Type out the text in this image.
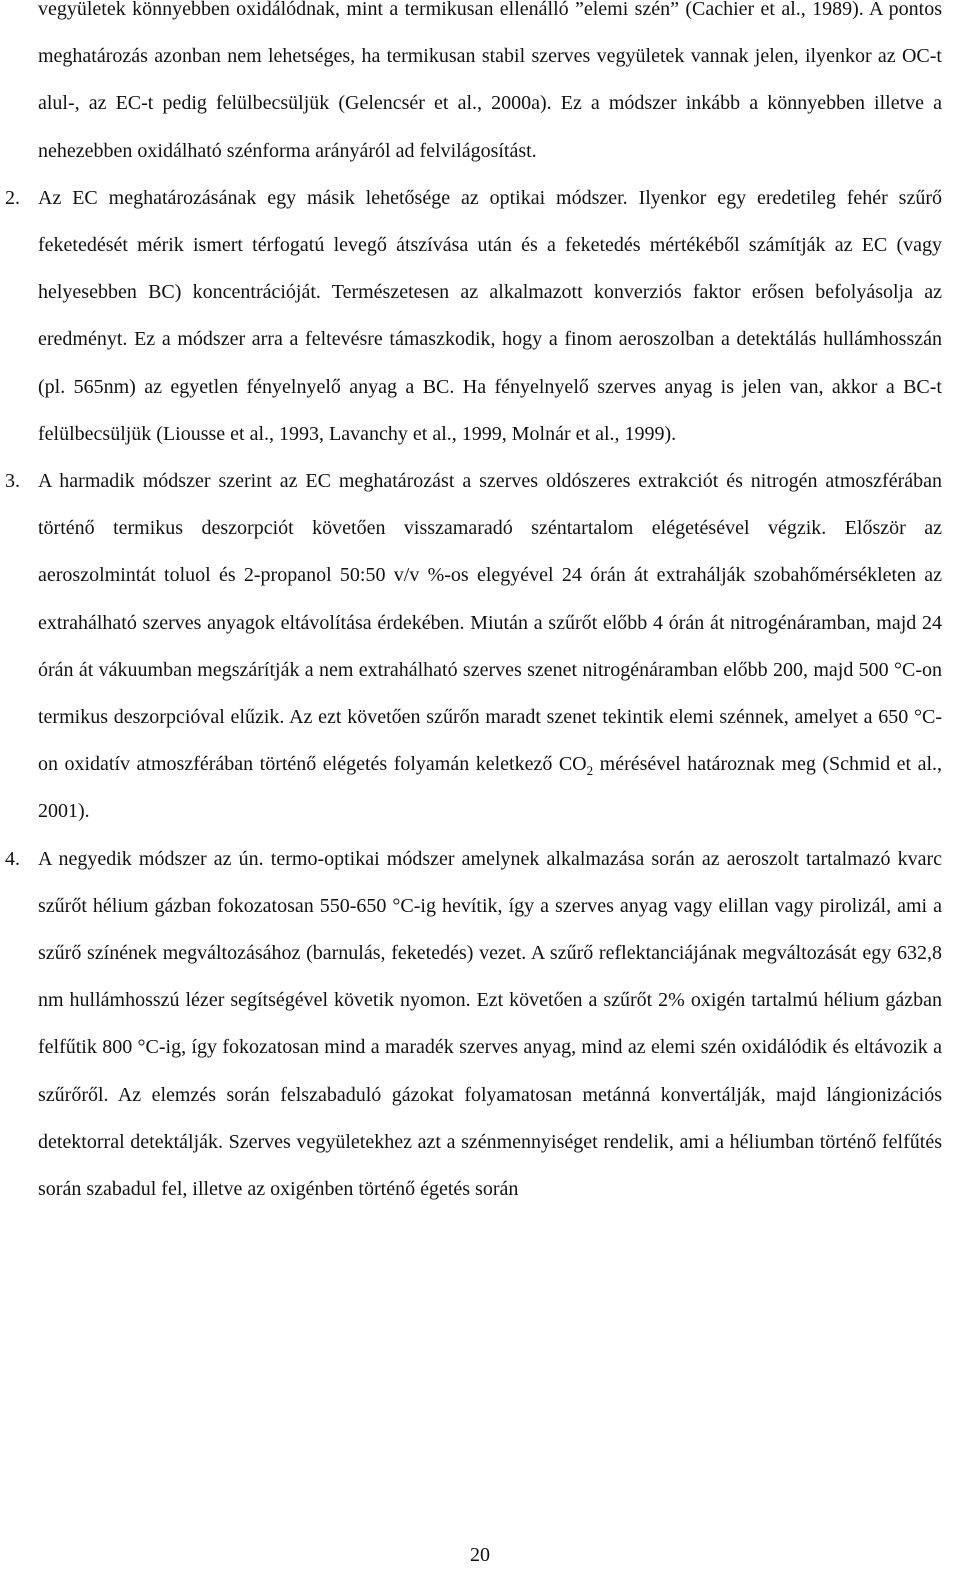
vegyületek könnyebben oxidálódnak, mint a termikusan ellenálló ”elemi szén” (Cachier et al., 1989). A pontos meghatározás azonban nem lehetséges, ha termikusan stabil szerves vegyületek vannak jelen, ilyenkor az OC-t alul-, az EC-t pedig felülbecsüljük (Gelencsér et al., 2000a). Ez a módszer inkább a könnyebben illetve a nehezebben oxidálható szénforma arányáról ad felvilágosítást.

2. Az EC meghatározásának egy másik lehetősége az optikai módszer. Ilyenkor egy eredetileg fehér szűrő feketedését mérik ismert térfogatú levegő átszívása után és a feketedés mértékéből számítják az EC (vagy helyesebben BC) koncentrációját. Természetesen az alkalmazott konverziós faktor erősen befolyásolja az eredményt. Ez a módszer arra a feltevésre támaszkodik, hogy a finom aeroszolban a detektálás hullámhosszán (pl. 565nm) az egyetlen fényelnyelő anyag a BC. Ha fényelnyelő szerves anyag is jelen van, akkor a BC-t felülbecsüljük (Liousse et al., 1993, Lavanchy et al., 1999, Molnár et al., 1999).

3. A harmadik módszer szerint az EC meghatározást a szerves oldószeres extrakciót és nitrogén atmoszférában történő termikus deszorpciót követően visszamaradó széntartalom elégetésével végzik. Először az aeroszolmintát toluol és 2-propanol 50:50 v/v %-os elegyével 24 órán át extrahálják szobahőmérsékleten az extrahálható szerves anyagok eltávolítása érdekében. Miután a szűrőt előbb 4 órán át nitrogénáramban, majd 24 órán át vákuumban megszárítják a nem extrahálható szerves szenet nitrogénáramban előbb 200, majd 500 °C-on termikus deszorpcióval elűzik. Az ezt követően szűrőn maradt szenet tekintik elemi szénnek, amelyet a 650 °C-on oxidatív atmoszférában történő elégetés folyamán keletkező $CO_2$ mérésével határoznak meg (Schmid et al., 2001).

4. A negyedik módszer az ún. termo-optikai módszer amelynek alkalmazása során az aeroszolt tartalmazó kvarc szűrőt hélium gázban fokozatosan 550-650 °C-ig hevítik, így a szerves anyag vagy elillan vagy pirolizál, ami a szűrő színének megváltozásához (barnulás, feketedés) vezet. A szűrő reflektanciájának megváltozását egy 632,8 nm hullámhosszú lézer segítségével követik nyomon. Ezt követően a szűrőt 2% oxigén tartalmú hélium gázban felfűtik 800 °C-ig, így fokozatosan mind a maradék szerves anyag, mind az elemi szén oxidálódik és eltávozik a szűrőről. Az elemzés során felszabaduló gázokat folyamatosan metánná konvertálják, majd lángionizációs detektorral detektálják. Szerves vegyületekhez azt a szénmennyiséget rendelik, ami a héliumban történő felfűtés során szabadul fel, illetve az oxigénben történő égetés során

20
